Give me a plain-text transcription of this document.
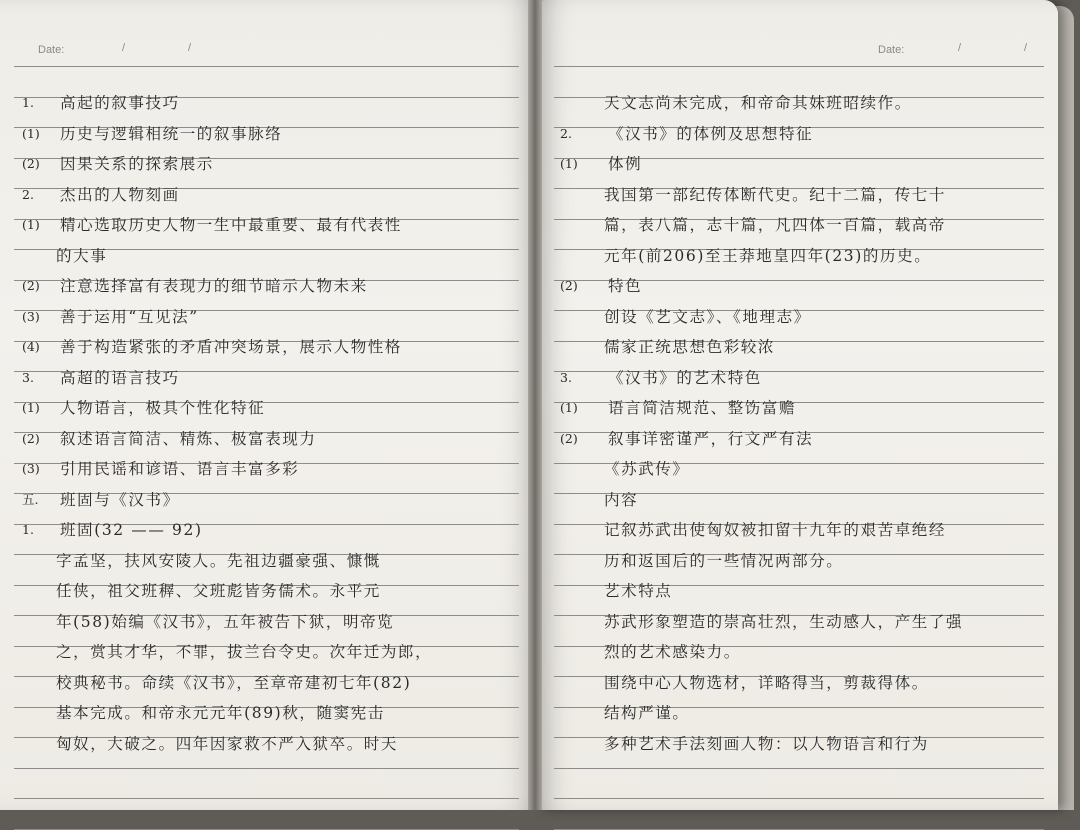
Date:	/	/
1. 高起的叙事技巧
(1) 历史与逻辑相统一的叙事脉络
(2) 因果关系的探索展示
2. 杰出的人物刻画
(1) 精心选取历史人物一生中最重要、最有代表性
的大事
(2) 注意选择富有表现力的细节暗示人物未来
(3) 善于运用“互见法”
(4) 善于构造紧张的矛盾冲突场景，展示人物性格
3. 高超的语言技巧
(1) 人物语言，极具个性化特征
(2) 叙述语言简洁、精炼、极富表现力
(3) 引用民谣和谚语、语言丰富多彩
五. 班固与《汉书》
1. 班固(32 —— 92)
字孟坚，扶风安陵人。先祖边疆豪强、慷慨
任侠，祖父班稺、父班彪皆务儒术。永平元
年(58)始编《汉书》，五年被告下狱，明帝览
之，赏其才华，不罪，拔兰台令史。次年迁为郎，
校典秘书。命续《汉书》，至章帝建初七年(82)
基本完成。和帝永元元年(89)秋，随窦宪击
匈奴，大破之。四年因家救不严入狱卒。时天
Date:	/	/
天文志尚未完成，和帝命其妹班昭续作。
2. 《汉书》的体例及思想特征
(1) 体例
我国第一部纪传体断代史。纪十二篇，传七十
篇，表八篇，志十篇，凡四体一百篇，载高帝
元年(前206)至王莽地皇四年(23)的历史。
(2) 特色
创设《艺文志》、《地理志》
儒家正统思想色彩较浓
3. 《汉书》的艺术特色
(1) 语言简洁规范、整饬富赡
(2) 叙事详密谨严，行文严有法
《苏武传》
内容
记叙苏武出使匈奴被扣留十九年的艰苦卓绝经
历和返国后的一些情况两部分。
艺术特点
苏武形象塑造的崇高壮烈，生动感人，产生了强
烈的艺术感染力。
围绕中心人物选材，详略得当，剪裁得体。
结构严谨。
多种艺术手法刻画人物：以人物语言和行为
